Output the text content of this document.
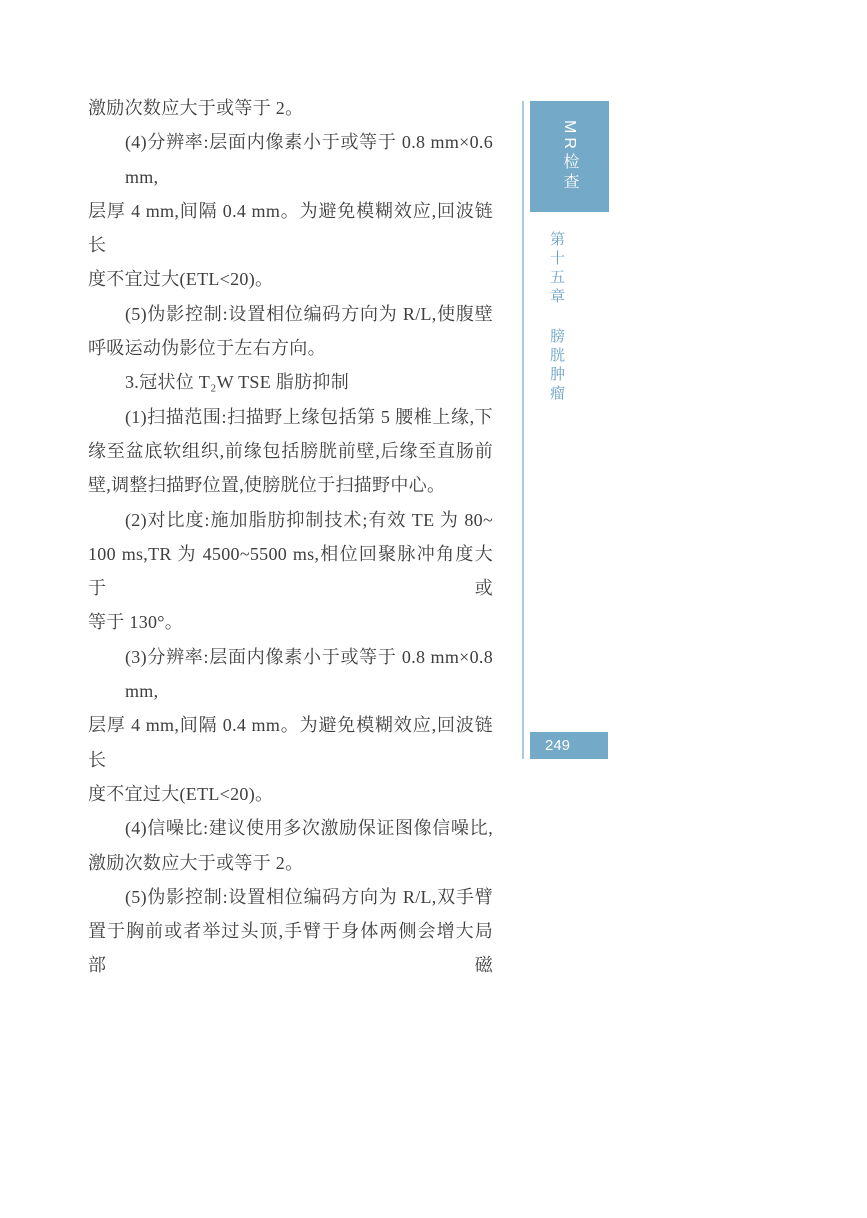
激励次数应大于或等于 2。
(4)分辨率:层面内像素小于或等于 0.8 mm×0.6 mm,
层厚 4 mm,间隔 0.4 mm。为避免模糊效应,回波链长
度不宜过大(ETL<20)。
(5)伪影控制:设置相位编码方向为 R/L,使腹壁
呼吸运动伪影位于左右方向。
3.冠状位 T₂W TSE 脂肪抑制
(1)扫描范围:扫描野上缘包括第 5 腰椎上缘,下
缘至盆底软组织,前缘包括膀胱前壁,后缘至直肠前
壁,调整扫描野位置,使膀胱位于扫描野中心。
(2)对比度:施加脂肪抑制技术;有效 TE 为 80~
100 ms,TR 为 4500~5500 ms,相位回聚脉冲角度大于或
等于 130°。
(3)分辨率:层面内像素小于或等于 0.8 mm×0.8 mm,
层厚 4 mm,间隔 0.4 mm。为避免模糊效应,回波链长
度不宜过大(ETL<20)。
(4)信噪比:建议使用多次激励保证图像信噪比,
激励次数应大于或等于 2。
(5)伪影控制:设置相位编码方向为 R/L,双手臂
置于胸前或者举过头顶,手臂于身体两侧会增大局部磁
MR检查
第十五章 膀胱肿瘤
249
